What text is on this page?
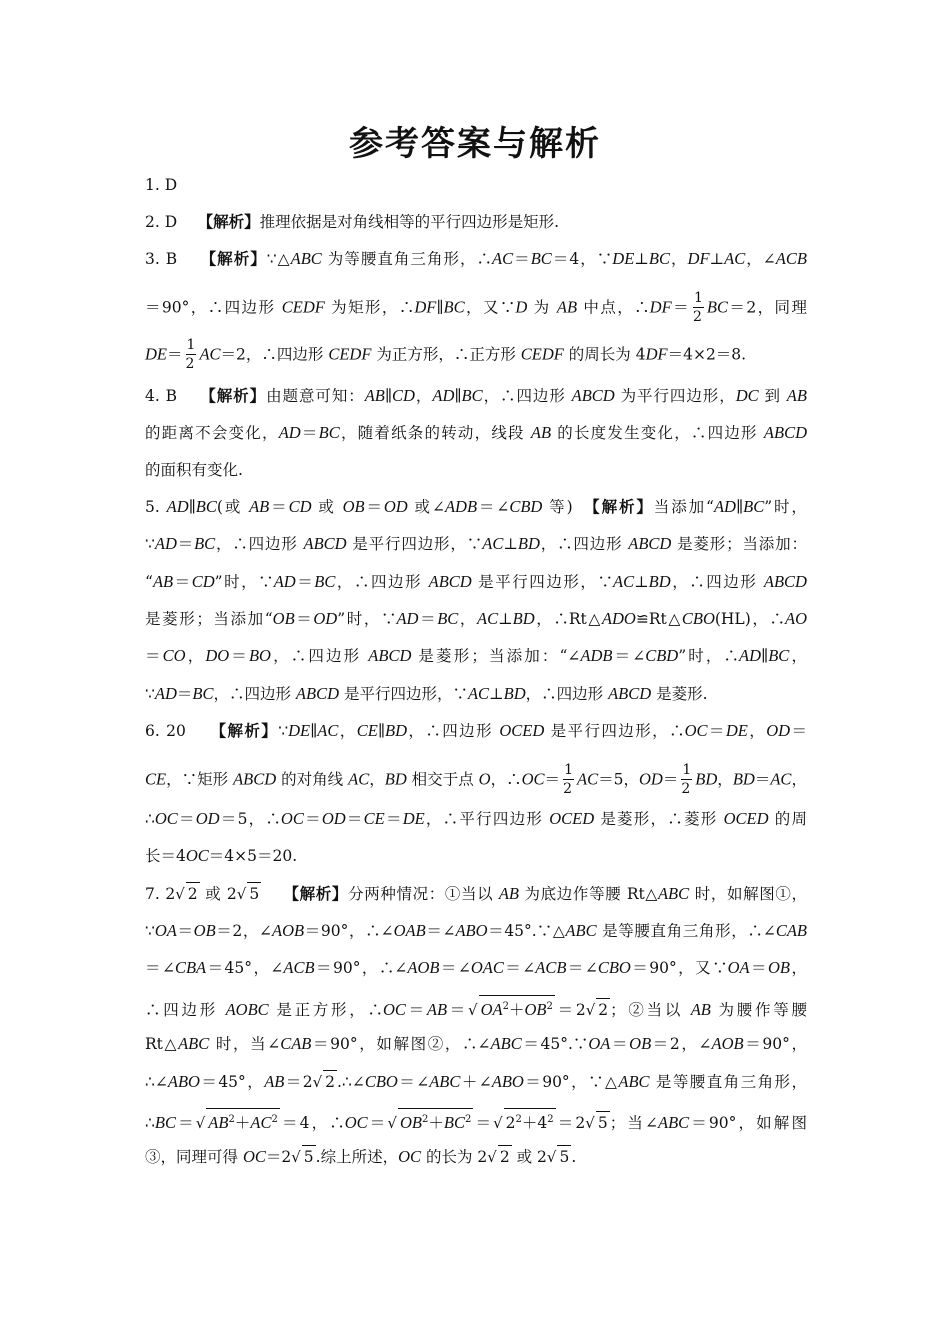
参考答案与解析
1. D
2. D　 【解析】推理依据是对角线相等的平行四边形是矩形.
3. B　 【解析】∵△ABC 为等腰直角三角形，∴AC＝BC＝4，∵DE⊥BC，DF⊥AC，∠ACB
＝90°，∴四边形 CEDF 为矩形，∴DF∥BC，又∵D 为 AB 中点，∴DF＝ $\frac{1}{2} BC=2$，同理
$DE= \frac{1}{2} AC=2$，∴四边形 CEDF 为正方形，∴正方形 CEDF 的周长为 4DF＝4×2＝8.
4. B　 【解析】由题意可知：AB∥CD，AD∥BC，∴四边形 ABCD 为平行四边形，DC 到 AB
的距离不会变化，AD＝BC，随着纸条的转动，线段 AB 的长度发生变化，∴四边形 ABCD
的面积有变化.
5. AD∥BC(或 AB＝CD 或 OB＝OD 或∠ADB＝∠CBD 等)　【解析】当添加“AD∥BC”时，
∵AD＝BC，∴四边形 ABCD 是平行四边形，∵AC⊥BD，∴四边形 ABCD 是菱形；当添加：
“AB＝CD”时，∵AD＝BC，∴四边形 ABCD 是平行四边形，∵AC⊥BD，∴四边形 ABCD
是菱形；当添加“OB＝OD”时，∵AD＝BC，AC⊥BD，∴Rt△ADO≌Rt△CBO(HL)，∴AO
＝CO，DO＝BO，∴四边形 ABCD 是菱形；当添加：“∠ADB＝∠CBD”时，∴AD∥BC，
∵AD＝BC，∴四边形 ABCD 是平行四边形，∵AC⊥BD，∴四边形 ABCD 是菱形.
6. 20　 【解析】∵DE∥AC，CE∥BD，∴四边形 OCED 是平行四边形，∴OC＝DE，OD＝
CE，∵矩形 ABCD 的对角线 AC，BD 相交于点 O，∴OC＝ $\frac{1}{2} AC=5$，$OD= \frac{1}{2}$ BD，BD＝AC，
∴OC＝OD＝5，∴OC＝OD＝CE＝DE，∴平行四边形 OCED 是菱形，∴菱形 OCED 的周
长＝4OC＝4×5＝20.
7. 2√ 2 或 2√ 5　 【解析】分两种情况：①当以 AB 为底边作等腰 Rt△ABC 时，如解图①，
∵OA＝OB＝2，∠AOB＝90°，∴∠OAB＝∠ABO＝45°.∵△ABC 是等腰直角三角形，∴∠CAB
＝∠CBA＝45°，∠ACB＝90°，∴∠AOB＝∠OAC＝∠ACB＝∠CBO＝90°，又∵OA＝OB，
∴四边形 AOBC 是正方形，∴OC＝AB＝√ $OA^2+OB^2 =2√$ 2 ；②当以 AB 为腰作等腰
Rt△ABC 时，当∠CAB＝90°，如解图②，∴∠ABC＝45°.∵OA＝OB＝2，∠AOB＝90°，
∴∠ABO＝45°，AB＝2√ 2 .∴∠CBO＝∠ABC＋∠ABO＝90°，∵△ABC 是等腰直角三角形，
∴BC＝√ $AB^2+AC^2 =4$，∴OC＝√ $OB^2+BC^2$ ＝√ $2^2+4^2 =2√$ 5 ；当∠ABC＝90°，如解图
③，同理可得 OC＝2√ 5 .综上所述，OC 的长为 2√ 2 或 2√ 5 .
